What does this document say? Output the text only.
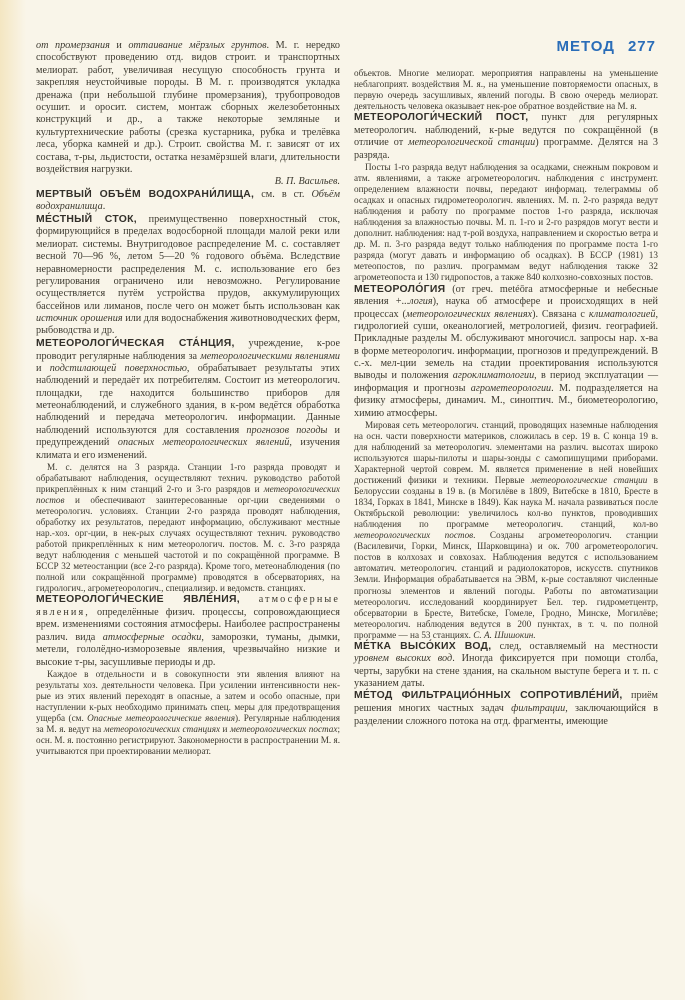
от промерзания и оттаивание мёрзлых грунтов. М. г. нередко способствуют проведению отд. видов строит. и транспортных мелиорат. работ, увеличивая несущую способность грунта и закрепляя неустойчивые породы. В М. г. производятся укладка дренажа (при небольшой глубине промерзания), трубопроводов осушит. и оросит. систем, монтаж сборных железобетонных конструкций и др., а также некоторые земляные и культуртехнические работы (срезка кустарника, рубка и трелёвка леса, уборка камней и др.). Строит. свойства М. г. зависят от их состава, т-ры, льдистости, остатка незамёрзшей влаги, длительности воздействия нагрузки.

В. П. Васильев.

МЕРТВЫЙ ОБЪЁМ ВОДОХРАНИ́ЛИЩА, см. в ст. Объём водохранилища.

МЕ́СТНЫЙ СТОК, преимущественно поверхностный сток, формирующийся в пределах водосборной площади малой реки или мелиорат. системы. Внутригодовое распределение М. с. составляет весной 70—96 %, летом 5—20 % годового объёма. Вследствие неравномерности распределения М. с. использование его без регулирования ограничено или невозможно. Регулирование осуществляется путём устройства прудов, аккумулирующих бассейнов или лиманов, после чего он может быть использован как источник орошения или для водоснабжения животноводческих ферм, рыбоводства и др.

МЕТЕОРОЛОГИ́ЧЕСКАЯ СТА́НЦИЯ, учреждение, к-рое проводит регулярные наблюдения за метеорологическими явлениями и подстилающей поверхностью, обрабатывает результаты этих наблюдений и передаёт их потребителям. Состоит из метеорологич. площадки, где находится большинство приборов для метеонаблюдений, и служебного здания, в к-ром ведётся обработка наблюдений и передача метеорологич. информации. Данные наблюдений используются для составления прогнозов погоды и предупреждений опасных метеорологических явлений, изучения климата и его изменений.

М. с. делятся на 3 разряда. Станции 1-го разряда проводят и обрабатывают наблюдения, осуществляют технич. руководство работой прикреплённых к ним станций 2-го и 3-го разрядов и метеорологических постов и обеспечивают заинтересованные орг-ции сведениями о метеорологич. условиях. Станции 2-го разряда проводят наблюдения, обработку их результатов, передают информацию, обслуживают местные нар.-хоз. орг-ции, в нек-рых случаях осуществляют технич. руководство работой прикреплённых к ним метеорологич. постов. М. с. 3-го разряда ведут наблюдения с меньшей частотой и по сокращённой программе. В БССР 32 метеостанции (все 2-го разряда). Кроме того, метеонаблюдения (по полной или сокращённой программе) проводятся в обсерваториях, на гидрологич., агрометеорологич., специализир. и ведомств. станциях.

МЕТЕОРОЛОГИ́ЧЕСКИЕ ЯВЛЕ́НИЯ, атмосферные явления, определённые физич. процессы, сопровождающиеся врем. изменениями состояния атмосферы. Наиболее распространены различ. вида атмосферные осадки, заморозки, туманы, дымки, метели, гололёдно-изморозевые явления, чрезвычайно низкие и высокие т-ры, засушливые периоды и др.

Каждое в отдельности и в совокупности эти явления влияют на результаты хоз. деятельности человека. При усилении интенсивности нек-рые из этих явлений переходят в опасные, а затем и особо опасные, при наступлении к-рых необходимо принимать спец. меры для предотвращения ущерба (см. Опасные метеорологические явления). Регулярные наблюдения за М. я. ведут на метеорологических станциях и метеорологических постах; осн. М. я. постоянно регистрируют. Закономерности в распространении М. я. учитываются при проектировании мелиорат.

МЕТОД 277

объектов. Многие мелиорат. мероприятия направлены на уменьшение неблагоприят. воздействия М. я., на уменьшение повторяемости опасных, в первую очередь засушливых, явлений погоды. В свою очередь мелиорат. деятельность человека оказывает нек-рое обратное воздействие на М. я.

МЕТЕОРОЛОГИ́ЧЕСКИЙ ПОСТ, пункт для регулярных метеорологич. наблюдений, к-рые ведутся по сокращённой (в отличие от метеорологической станции) программе. Делятся на 3 разряда.

Посты 1-го разряда ведут наблюдения за осадками, снежным покровом и атм. явлениями, а также агрометеорологич. наблюдения с инструмент. определением влажности почвы, передают информац. телеграммы об осадках и опасных гидрометеорологич. явлениях. М. п. 2-го разряда ведут наблюдения и работу по программе постов 1-го разряда, исключая наблюдения за влажностью почвы. М. п. 1-го и 2-го разрядов могут вести и дополнит. наблюдения: над т-рой воздуха, направлением и скоростью ветра и др. М. п. 3-го разряда ведут только наблюдения по программе поста 1-го разряда (могут давать и информацию об осадках). В БССР (1981) 13 метеопостов, по различ. программам ведут наблюдения также 32 агрометеопоста и 130 гидропостов, а также 840 колхозно-совхозных постов.

МЕТЕОРОЛО́ГИЯ (от греч. metéōra атмосферные и небесные явления +...логия), наука об атмосфере и происходящих в ней процессах (метеорологических явлениях). Связана с климатологией, гидрологией суши, океанологией, метрологией, физич. географией. Прикладные разделы М. обслуживают многочисл. запросы нар. х-ва в форме метеорологич. информации, прогнозов и предупреждений. В с.-х. мел-ции земель на стадии проектирования используются выводы и положения агроклиматологии, в период эксплуатации — информация и прогнозы агрометеорологии. М. подразделяется на физику атмосферы, динамич. М., синоптич. М., биометеорологию, химию атмосферы.

Мировая сеть метеорологич. станций, проводящих наземные наблюдения на осн. части поверхности материков, сложилась в сер. 19 в. С конца 19 в. для наблюдений за метеорологич. элементами на различ. высотах широко используются шары-пилоты и шары-зонды с самопишущими приборами. Характерной чертой соврем. М. является применение в ней новейших достижений физики и техники. Первые метеорологические станции в Белоруссии созданы в 19 в. (в Могилёве в 1809, Витебске в 1810, Бресте в 1834, Горках в 1841, Минске в 1849). Как наука М. начала развиваться после Октябрьской революции: увеличилось кол-во пунктов, проводивших наблюдения по программе метеорологич. станций, кол-во метеорологических постов. Созданы агрометеорологич. станции (Василевичи, Горки, Минск, Шарковщина) и ок. 700 агрометеорологич. постов в колхозах и совхозах. Наблюдения ведутся с использованием автоматич. метеорологич. станций и радиолокаторов, искусств. спутников Земли. Информация обрабатывается на ЭВМ, к-рые составляют численные прогнозы элементов и явлений погоды. Работы по автоматизации метеорологич. исследований координирует Бел. тер. гидрометцентр, обсерватории в Бресте, Витебске, Гомеле, Гродно, Минске, Могилёве; метеорологич. наблюдения ведутся в 200 пунктах, в т. ч. по полной программе — на 53 станциях. С. А. Шишокин.

МЕ́ТКА ВЫСО́КИХ ВОД, след, оставляемый на местности уровнем высоких вод. Иногда фиксируется при помощи столба, черты, зарубки на стене здания, на скальном выступе берега и т. п. с указанием даты.

МЕ́ТОД ФИЛЬТРАЦИО́ННЫХ СОПРОТИВЛЕ́НИЙ, приём решения многих частных задач фильтрации, заключающийся в разделении сложного потока на отд. фрагменты, имеющие
